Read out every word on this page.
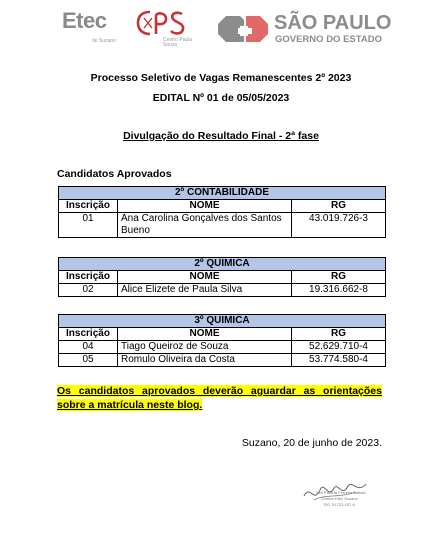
Etec
de Suzano	Centro Paula Souza
SÃO PAULO
GOVERNO DO ESTADO
Processo Seletivo de Vagas Remanescentes 2º 2023
EDITAL Nº 01 de 05/05/2023
Divulgação do Resultado Final - 2ª fase
Candidatos Aprovados
2º CONTABILIDADE		
Inscrição	NOME	RG
01	Ana Carolina Gonçalves dos Santos Bueno	43.019.726-3
2º QUIMICA		
Inscrição	NOME	RG
02	Alice Elizete de Paula Silva	19.316.662-8
3º QUIMICA		
Inscrição	NOME	RG
04	Tiago Queiroz de Souza	52.629.710-4
05	Romulo Oliveira da Costa	53.774.580-4
Os candidatos aprovados deverão aguardar as orientações sobre a matrícula neste blog.
Suzano, 20 de junho de 2023.
Keli Patricia Ferreira Batista
Diretor Etec Suzano
RG 19.723.157-6
